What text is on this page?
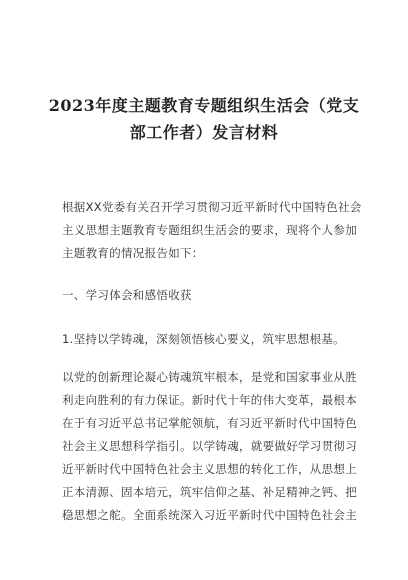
2023年度主题教育专题组织生活会（党支
部工作者）发言材料
根据XX党委有关召开学习贯彻习近平新时代中国特色社会
主义思想主题教育专题组织生活会的要求，现将个人参加
主题教育的情况报告如下：
一、学习体会和感悟收获
1.坚持以学铸魂，深刻领悟核心要义，筑牢思想根基。
以党的创新理论凝心铸魂筑牢根本，是党和国家事业从胜
利走向胜利的有力保证。新时代十年的伟大变革，最根本
在于有习近平总书记掌舵领航，有习近平新时代中国特色
社会主义思想科学指引。以学铸魂，就要做好学习贯彻习
近平新时代中国特色社会主义思想的转化工作，从思想上
正本清源、固本培元，筑牢信仰之基、补足精神之钙、把
稳思想之舵。全面系统深入习近平新时代中国特色社会主
